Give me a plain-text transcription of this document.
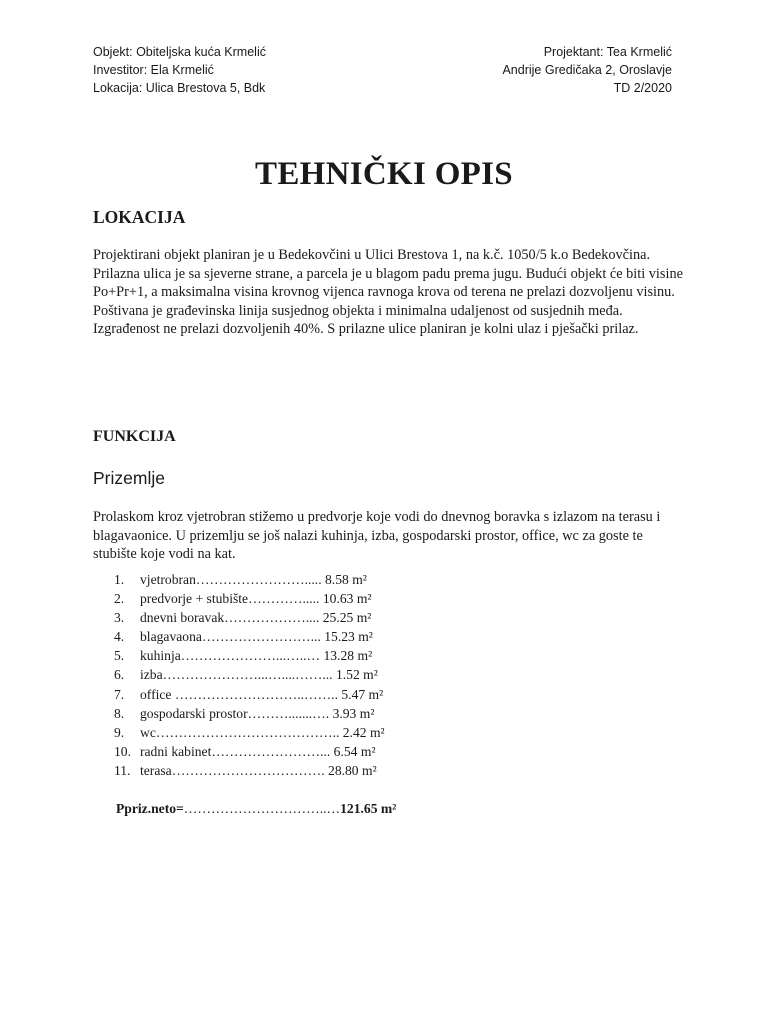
Objekt: Obiteljska kuća Krmelić
Investitor: Ela Krmelić
Lokacija: Ulica Brestova 5, Bdk
Projektant: Tea Krmelić
Andrije Gredičaka 2, Oroslavje
TD 2/2020
TEHNIČKI OPIS
LOKACIJA
Projektirani objekt planiran je u Bedekovčini u Ulici Brestova 1, na k.č. 1050/5 k.o Bedekovčina. Prilazna ulica je sa sjeverne strane, a parcela je u blagom padu prema jugu. Budući objekt će biti visine Po+Pr+1, a maksimalna visina krovnog vijenca ravnoga krova od terena ne prelazi dozvoljenu visinu. Poštivana je građevinska linija susjednog objekta i minimalna udaljenost od susjednih međa. Izgrađenost ne prelazi dozvoljenih 40%. S prilazne ulice planiran je kolni ulaz i pješački prilaz.
FUNKCIJA
Prizemlje
Prolaskom kroz vjetrobran stižemo u predvorje koje vodi do dnevnog boravka s izlazom na terasu i blagavaonice. U prizemlju se još nalazi kuhinja, izba, gospodarski prostor, office, wc za goste te stubište koje vodi na kat.
1. vjetrobran……………………..... 8.58 m²
2. predvorje + stubište…………..... 10.63 m²
3. dnevni boravak……………….... 25.25 m²
4. blagavaona……………………... 15.23 m²
5. kuhinja…………………...…..… 13.28 m²
6. izba…………………...…....……... 1.52 m²
7. office ………………………..…….. 5.47 m²
8. gospodarski prostor……….......…. 3.93 m²
9. wc………………………………….. 2.42 m²
10. radni kabinet……………………... 6.54 m²
11. terasa……………………………. 28.80 m²
Ppriz.neto=…………………………..…121.65 m²
